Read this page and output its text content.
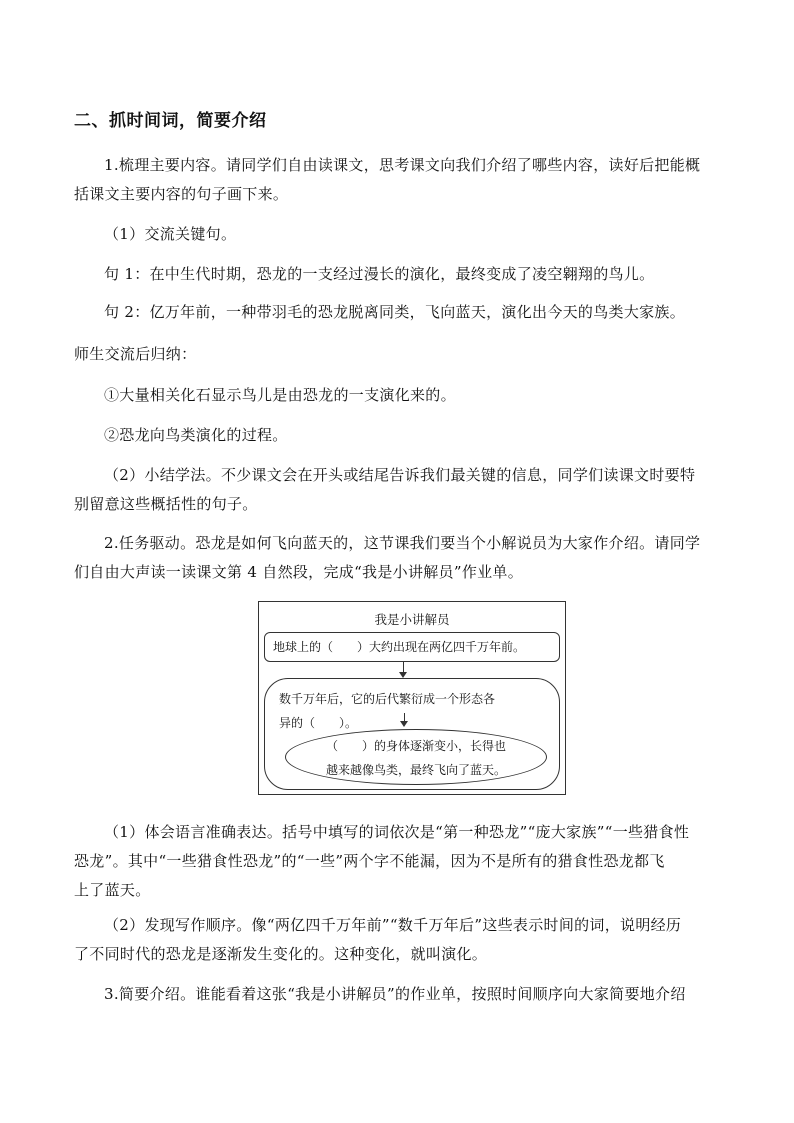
二、抓时间词，简要介绍
1.梳理主要内容。请同学们自由读课文，思考课文向我们介绍了哪些内容，读好后把能概
括课文主要内容的句子画下来。
（1）交流关键句。
句 1：在中生代时期，恐龙的一支经过漫长的演化，最终变成了凌空翱翔的鸟儿。
句 2：亿万年前，一种带羽毛的恐龙脱离同类，飞向蓝天，演化出今天的鸟类大家族。
师生交流后归纳：
①大量相关化石显示鸟儿是由恐龙的一支演化来的。
②恐龙向鸟类演化的过程。
（2）小结学法。不少课文会在开头或结尾告诉我们最关键的信息，同学们读课文时要特
别留意这些概括性的句子。
2.任务驱动。恐龙是如何飞向蓝天的，这节课我们要当个小解说员为大家作介绍。请同学
们自由大声读一读课文第 4 自然段，完成“我是小讲解员”作业单。
我是小讲解员
地球上的（　　）大约出现在两亿四千万年前。
数千万年后，它的后代繁衍成一个形态各
异的（　　）。
（　　）的身体逐渐变小，长得也
越来越像鸟类，最终飞向了蓝天。
（1）体会语言准确表达。括号中填写的词依次是“第一种恐龙”“庞大家族”“一些猎食性
恐龙”。其中“一些猎食性恐龙”的“一些”两个字不能漏，因为不是所有的猎食性恐龙都飞
上了蓝天。
（2）发现写作顺序。像“两亿四千万年前”“数千万年后”这些表示时间的词，说明经历
了不同时代的恐龙是逐渐发生变化的。这种变化，就叫演化。
3.简要介绍。谁能看着这张“我是小讲解员”的作业单，按照时间顺序向大家简要地介绍
